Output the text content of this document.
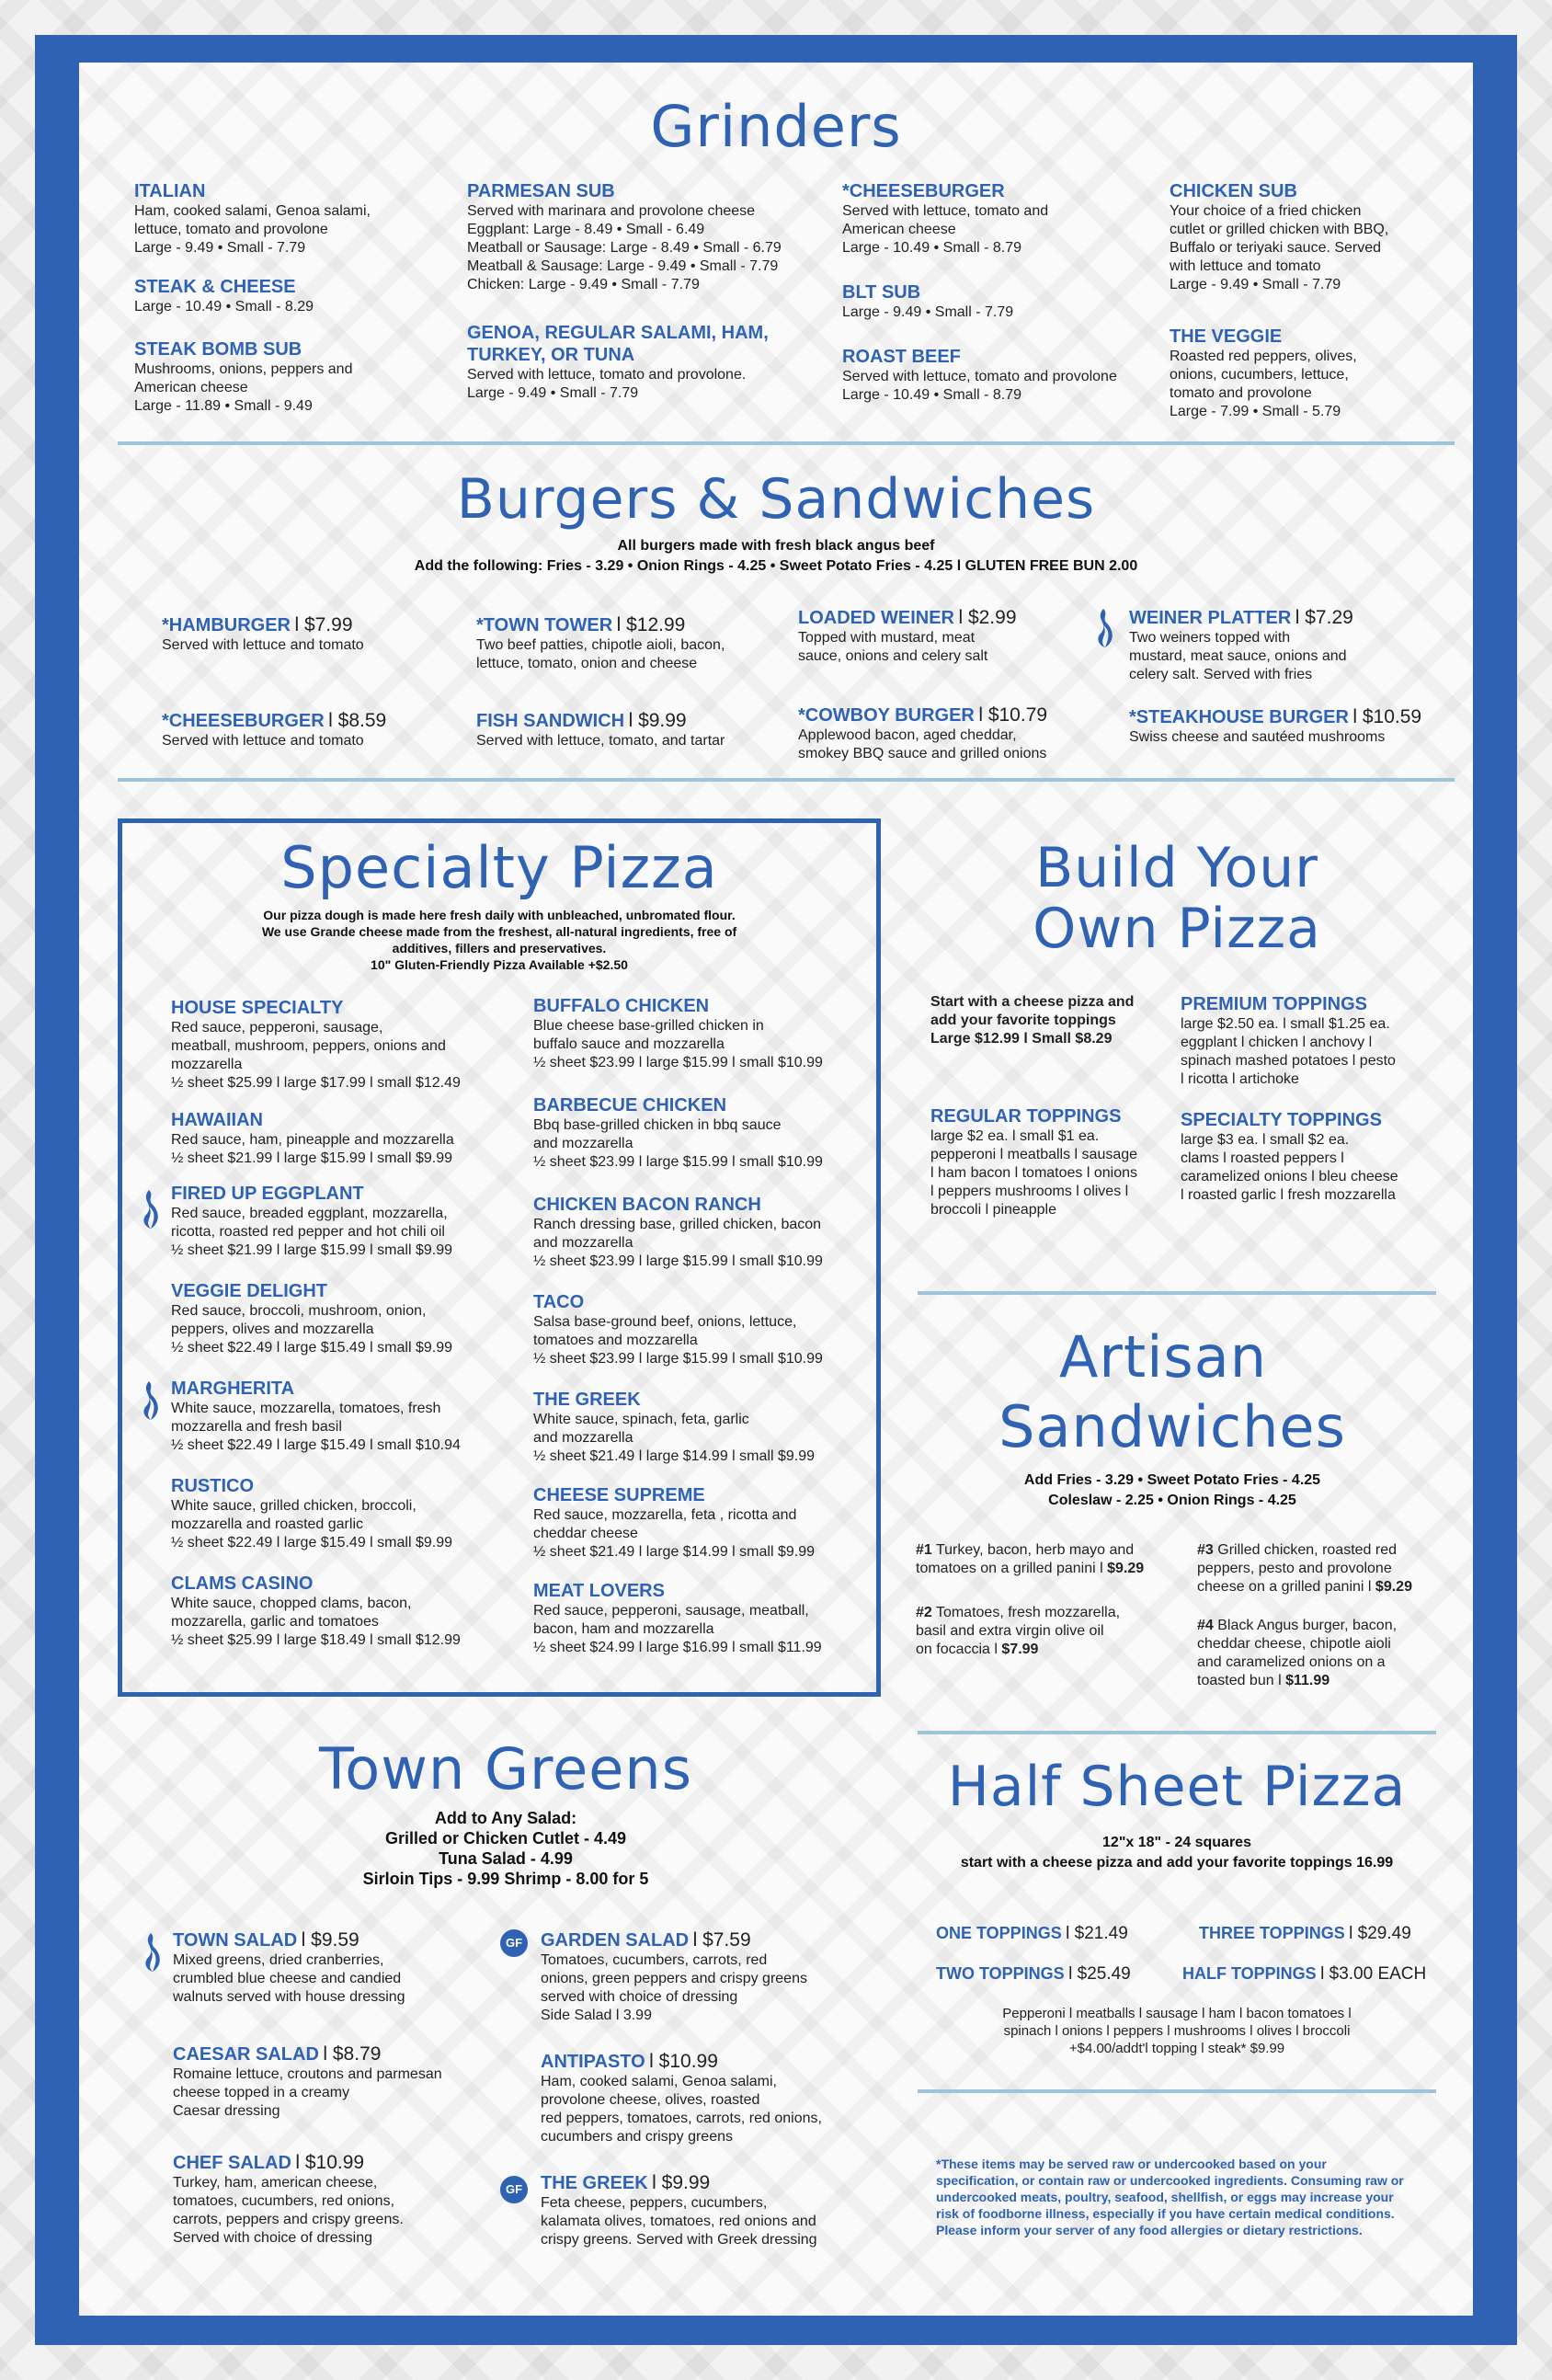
Grinders
ITALIAN
Ham, cooked salami, Genoa salami,
lettuce, tomato and provolone
Large - 9.49 • Small - 7.79
STEAK & CHEESE
Large - 10.49 • Small - 8.29
STEAK BOMB SUB
Mushrooms, onions, peppers and
American cheese
Large - 11.89 • Small - 9.49
PARMESAN SUB
Served with marinara and provolone cheese
Eggplant: Large - 8.49 • Small - 6.49
Meatball or Sausage: Large - 8.49 • Small - 6.79
Meatball & Sausage: Large - 9.49 • Small - 7.79
Chicken: Large - 9.49 • Small - 7.79
GENOA, REGULAR SALAMI, HAM,
TURKEY, OR TUNA
Served with lettuce, tomato and provolone.
Large - 9.49 • Small - 7.79
*CHEESEBURGER
Served with lettuce, tomato and
American cheese
Large - 10.49 • Small - 8.79
BLT SUB
Large - 9.49 • Small - 7.79
ROAST BEEF
Served with lettuce, tomato and provolone
Large - 10.49 • Small - 8.79
CHICKEN SUB
Your choice of a fried chicken
cutlet or grilled chicken with BBQ,
Buffalo or teriyaki sauce. Served
with lettuce and tomato
Large - 9.49 • Small - 7.79
THE VEGGIE
Roasted red peppers, olives,
onions, cucumbers, lettuce,
tomato and provolone
Large - 7.99 • Small - 5.79
Burgers & Sandwiches
All burgers made with fresh black angus beef
Add the following: Fries - 3.29 • Onion Rings - 4.25 • Sweet Potato Fries - 4.25 l GLUTEN FREE BUN 2.00
*HAMBURGER l $7.99
Served with lettuce and tomato
*CHEESEBURGER l $8.59
Served with lettuce and tomato
*TOWN TOWER l $12.99
Two beef patties, chipotle aioli, bacon,
lettuce, tomato, onion and cheese
FISH SANDWICH l $9.99
Served with lettuce, tomato, and tartar
LOADED WEINER l $2.99
Topped with mustard, meat
sauce, onions and celery salt
*COWBOY BURGER l $10.79
Applewood bacon, aged cheddar,
smokey BBQ sauce and grilled onions
WEINER PLATTER l $7.29
Two weiners topped with
mustard, meat sauce, onions and
celery salt. Served with fries
*STEAKHOUSE BURGER l $10.59
Swiss cheese and sautéed mushrooms
Specialty Pizza
Our pizza dough is made here fresh daily with unbleached, unbromated flour.
We use Grande cheese made from the freshest, all-natural ingredients, free of
additives, fillers and preservatives.
10" Gluten-Friendly Pizza Available +$2.50
HOUSE SPECIALTY
Red sauce, pepperoni, sausage,
meatball, mushroom, peppers, onions and
mozzarella
½ sheet $25.99 l large $17.99 l small $12.49
HAWAIIAN
Red sauce, ham, pineapple and mozzarella
½ sheet $21.99 l large $15.99 l small $9.99
FIRED UP EGGPLANT
Red sauce, breaded eggplant, mozzarella,
ricotta, roasted red pepper and hot chili oil
½ sheet $21.99 l large $15.99 l small $9.99
VEGGIE DELIGHT
Red sauce, broccoli, mushroom, onion,
peppers, olives and mozzarella
½ sheet $22.49 l large $15.49 l small $9.99
MARGHERITA
White sauce, mozzarella, tomatoes, fresh
mozzarella and fresh basil
½ sheet $22.49 l large $15.49 l small $10.94
RUSTICO
White sauce, grilled chicken, broccoli,
mozzarella and roasted garlic
½ sheet $22.49 l large $15.49 l small $9.99
CLAMS CASINO
White sauce, chopped clams, bacon,
mozzarella, garlic and tomatoes
½ sheet $25.99 l large $18.49 l small $12.99
BUFFALO CHICKEN
Blue cheese base-grilled chicken in
buffalo sauce and mozzarella
½ sheet $23.99 l large $15.99 l small $10.99
BARBECUE CHICKEN
Bbq base-grilled chicken in bbq sauce
and mozzarella
½ sheet $23.99 l large $15.99 l small $10.99
CHICKEN BACON RANCH
Ranch dressing base, grilled chicken, bacon
and mozzarella
½ sheet $23.99 l large $15.99 l small $10.99
TACO
Salsa base-ground beef, onions, lettuce,
tomatoes and mozzarella
½ sheet $23.99 l large $15.99 l small $10.99
THE GREEK
White sauce, spinach, feta, garlic
and mozzarella
½ sheet $21.49 l large $14.99 l small $9.99
CHEESE SUPREME
Red sauce, mozzarella, feta , ricotta and
cheddar cheese
½ sheet $21.49 l large $14.99 l small $9.99
MEAT LOVERS
Red sauce, pepperoni, sausage, meatball,
bacon, ham and mozzarella
½ sheet $24.99 l large $16.99 l small $11.99
Build Your
Own Pizza
Start with a cheese pizza and
add your favorite toppings
Large $12.99 l Small $8.29
PREMIUM TOPPINGS
large $2.50 ea. l small $1.25 ea.
eggplant l chicken l anchovy l
spinach mashed potatoes l pesto
l ricotta l artichoke
REGULAR TOPPINGS
large $2 ea. l small $1 ea.
pepperoni l meatballs l sausage
l ham bacon l tomatoes l onions
l peppers mushrooms l olives l
broccoli l pineapple
SPECIALTY TOPPINGS
large $3 ea. l small $2 ea.
clams l roasted peppers l
caramelized onions l bleu cheese
l roasted garlic l fresh mozzarella
Artisan
Sandwiches
Add Fries - 3.29 • Sweet Potato Fries - 4.25
Coleslaw - 2.25 • Onion Rings - 4.25
#1 Turkey, bacon, herb mayo and
tomatoes on a grilled panini l $9.29
#2 Tomatoes, fresh mozzarella,
basil and extra virgin olive oil
on focaccia l $7.99
#3 Grilled chicken, roasted red
peppers, pesto and provolone
cheese on a grilled panini l $9.29
#4 Black Angus burger, bacon,
cheddar cheese, chipotle aioli
and caramelized onions on a
toasted bun l $11.99
Town Greens
Add to Any Salad:
Grilled or Chicken Cutlet - 4.49
Tuna Salad - 4.99
Sirloin Tips - 9.99 Shrimp - 8.00 for 5
TOWN SALAD l $9.59
Mixed greens, dried cranberries,
crumbled blue cheese and candied
walnuts served with house dressing
CAESAR SALAD l $8.79
Romaine lettuce, croutons and parmesan
cheese topped in a creamy
Caesar dressing
CHEF SALAD l $10.99
Turkey, ham, american cheese,
tomatoes, cucumbers, red onions,
carrots, peppers and crispy greens.
Served with choice of dressing
GF GARDEN SALAD l $7.59
Tomatoes, cucumbers, carrots, red
onions, green peppers and crispy greens
served with choice of dressing
Side Salad l 3.99
ANTIPASTO l $10.99
Ham, cooked salami, Genoa salami,
provolone cheese, olives, roasted
red peppers, tomatoes, carrots, red onions,
cucumbers and crispy greens
GF THE GREEK l $9.99
Feta cheese, peppers, cucumbers,
kalamata olives, tomatoes, red onions and
crispy greens. Served with Greek dressing
Half Sheet Pizza
12"x 18" - 24 squares
start with a cheese pizza and add your favorite toppings 16.99
ONE TOPPINGS l $21.49	THREE TOPPINGS l $29.49
TWO TOPPINGS l $25.49	HALF TOPPINGS l $3.00 EACH
Pepperoni l meatballs l sausage l ham l bacon tomatoes l
spinach l onions l peppers l mushrooms l olives l broccoli
+$4.00/addt'l topping l steak* $9.99
*These items may be served raw or undercooked based on your
specification, or contain raw or undercooked ingredients. Consuming raw or
undercooked meats, poultry, seafood, shellfish, or eggs may increase your
risk of foodborne illness, especially if you have certain medical conditions.
Please inform your server of any food allergies or dietary restrictions.
